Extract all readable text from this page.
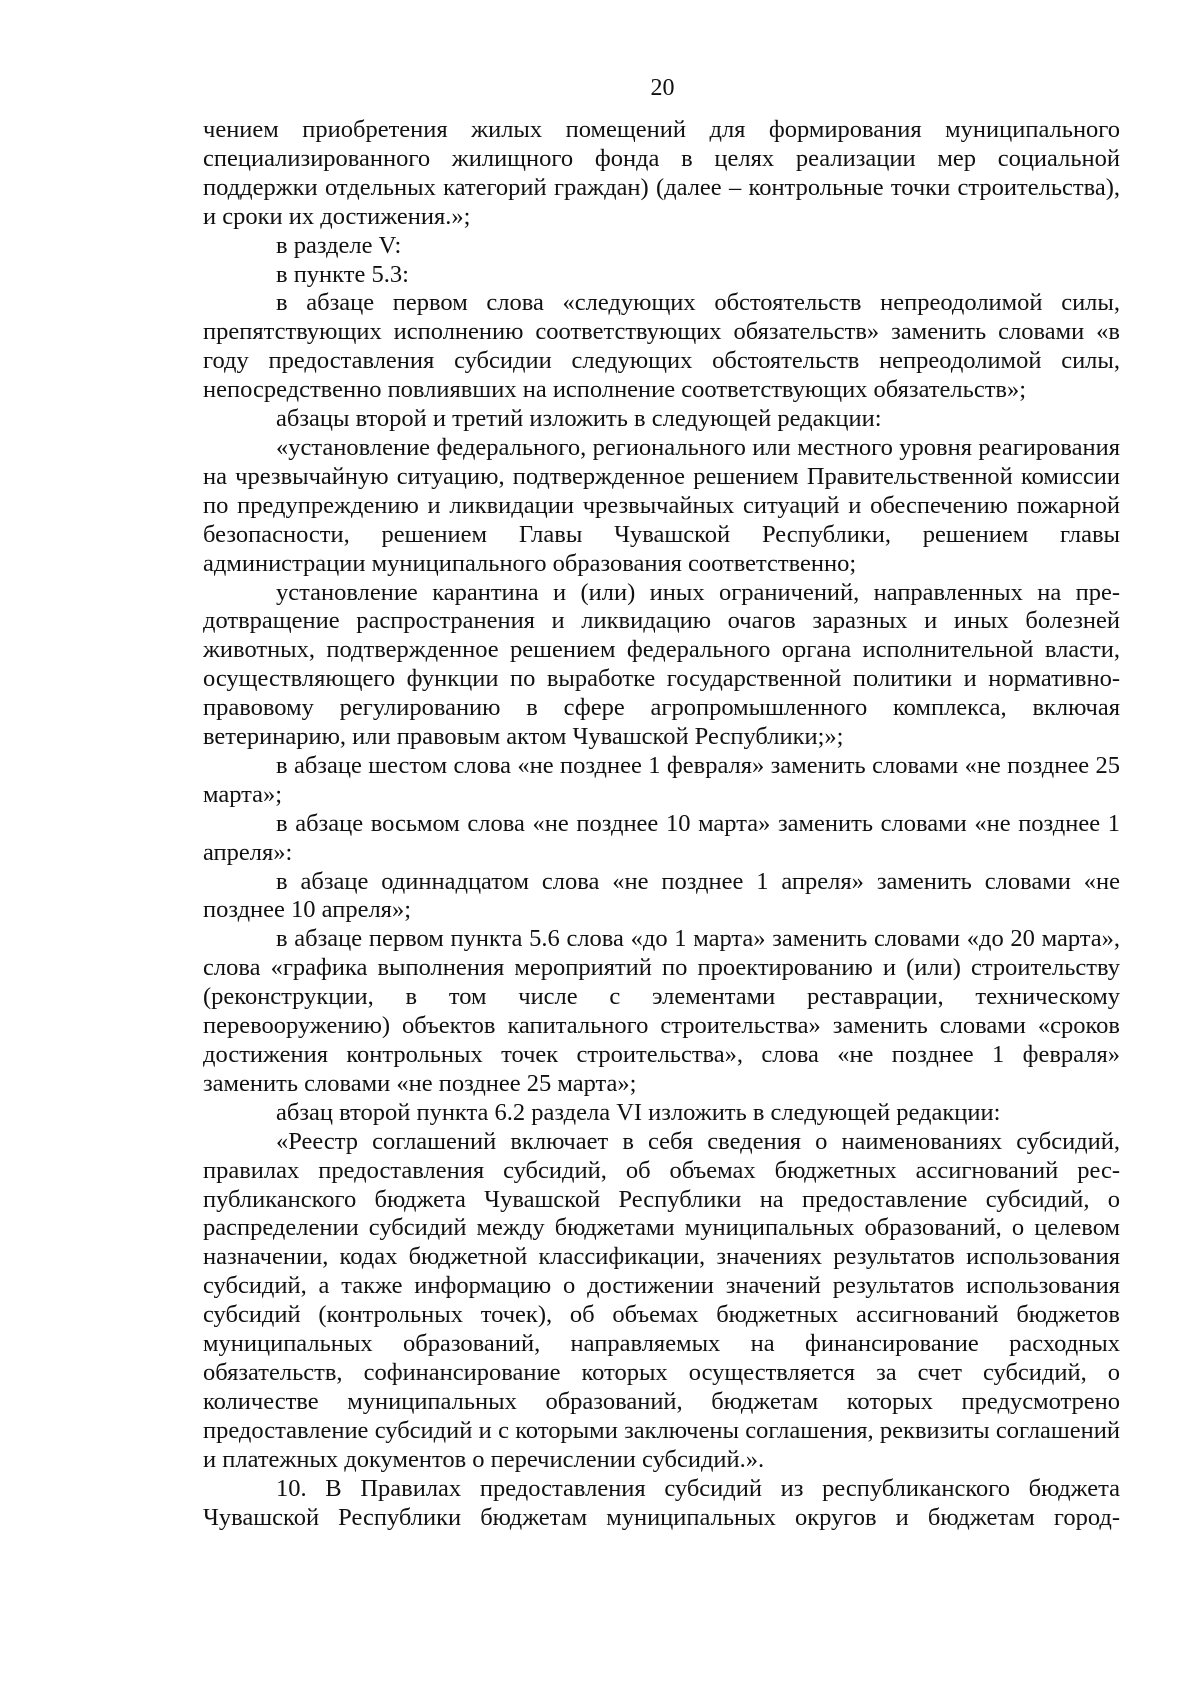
20

чением приобретения жилых помещений для формирования муниципального специализированного жилищного фонда в целях реализации мер социальной поддержки отдельных категорий граждан) (далее – контрольные точки строительства), и сроки их достижения.»;

в разделе V:

в пункте 5.3:

в абзаце первом слова «следующих обстоятельств непреодолимой силы, препятствующих исполнению соответствующих обязательств» заменить словами «в году предоставления субсидии следующих обстоятельств непреодолимой силы, непосредственно повлиявших на исполнение соответствующих обязательств»;

абзацы второй и третий изложить в следующей редакции:

«установление федерального, регионального или местного уровня реагирования на чрезвычайную ситуацию, подтвержденное решением Правительственной комиссии по предупреждению и ликвидации чрезвычайных ситуаций и обеспечению пожарной безопасности, решением Главы Чувашской Республики, решением главы администрации муниципального образования соответственно;

установление карантина и (или) иных ограничений, направленных на предотвращение распространения и ликвидацию очагов заразных и иных болезней животных, подтвержденное решением федерального органа исполнительной власти, осуществляющего функции по выработке государственной политики и нормативно-правовому регулированию в сфере агропромышленного комплекса, включая ветеринарию, или правовым актом Чувашской Республики;»;

в абзаце шестом слова «не позднее 1 февраля» заменить словами «не позднее 25 марта»;

в абзаце восьмом слова «не позднее 10 марта» заменить словами «не позднее 1 апреля»:

в абзаце одиннадцатом слова «не позднее 1 апреля» заменить словами «не позднее 10 апреля»;

в абзаце первом пункта 5.6 слова «до 1 марта» заменить словами «до 20 марта», слова «графика выполнения мероприятий по проектированию и (или) строительству (реконструкции, в том числе с элементами реставрации, техническому перевооружению) объектов капитального строительства» заменить словами «сроков достижения контрольных точек строительства», слова «не позднее 1 февраля» заменить словами «не позднее 25 марта»;

абзац второй пункта 6.2 раздела VI изложить в следующей редакции:

«Реестр соглашений включает в себя сведения о наименованиях субсидий, правилах предоставления субсидий, об объемах бюджетных ассигнований республиканского бюджета Чувашской Республики на предоставление субсидий, о распределении субсидий между бюджетами муниципальных образований, о целевом назначении, кодах бюджетной классификации, значениях результатов использования субсидий, а также информацию о достижении значений результатов использования субсидий (контрольных точек), об объемах бюджетных ассигнований бюджетов муниципальных образований, направляемых на финансирование расходных обязательств, софинансирование которых осуществляется за счет субсидий, о количестве муниципальных образований, бюджетам которых предусмотрено предоставление субсидий и с которыми заключены соглашения, реквизиты соглашений и платежных документов о перечислении субсидий.».

10. В Правилах предоставления субсидий из республиканского бюджета Чувашской Республики бюджетам муниципальных округов и бюджетам город-
